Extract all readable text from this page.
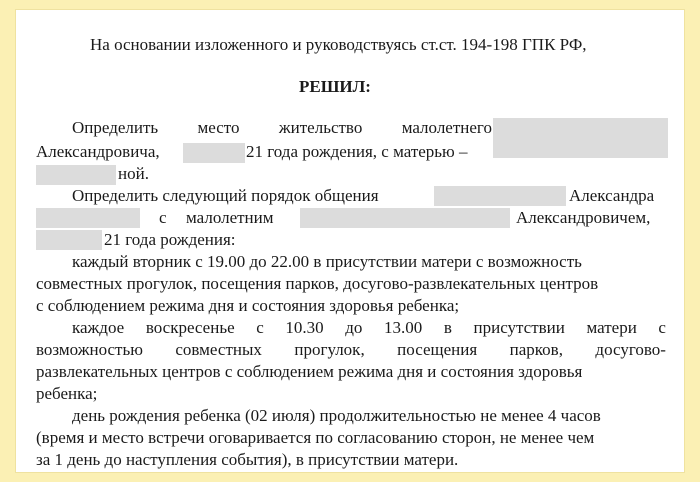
На основании изложенного и руководствуясь ст.ст. 194-198 ГПК РФ,
РЕШИЛ:
Определить место жительство малолетнего
Александровича,	21 года рождения, с матерью –
ной.
Определить следующий порядок общения	Александра
с малолетним	Александровичем,
21 года рождения:
каждый вторник с 19.00 до 22.00 в присутствии матери с возможность
совместных прогулок, посещения парков, досугово-развлекательных центров
с соблюдением режима дня и состояния здоровья ребенка;
каждое воскресенье с 10.30 до 13.00 в присутствии матери с
возможностью совместных прогулок, посещения парков, досугово-
развлекательных центров с соблюдением режима дня и состояния здоровья
ребенка;
день рождения ребенка (02 июля) продолжительностью не менее 4 часов
(время и место встречи оговаривается по согласованию сторон, не менее чем
за 1 день до наступления события), в присутствии матери.
